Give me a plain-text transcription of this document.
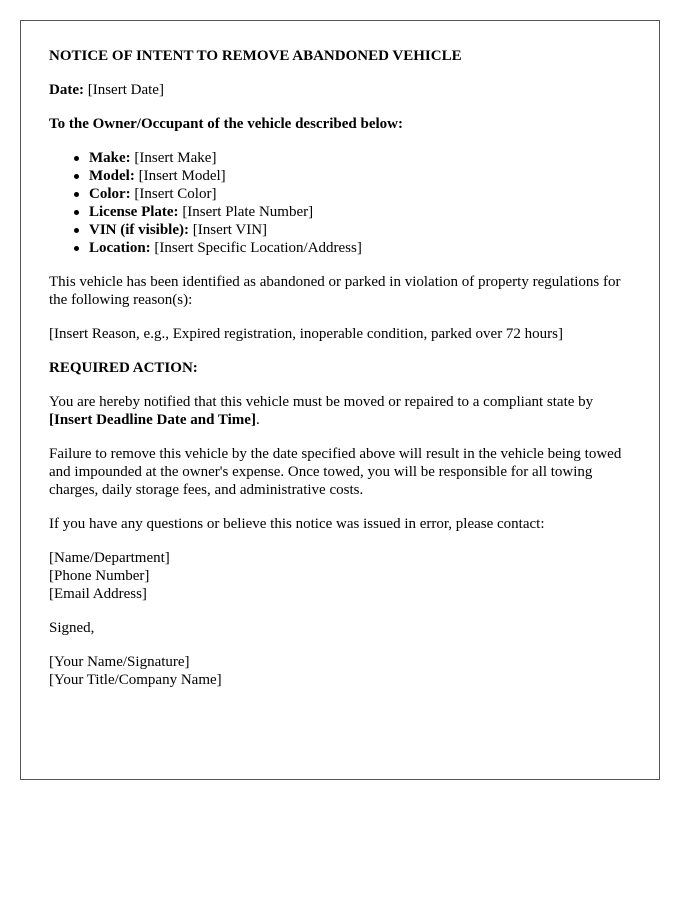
NOTICE OF INTENT TO REMOVE ABANDONED VEHICLE

Date: [Insert Date]

To the Owner/Occupant of the vehicle described below:

Make: [Insert Make]
Model: [Insert Model]
Color: [Insert Color]
License Plate: [Insert Plate Number]
VIN (if visible): [Insert VIN]
Location: [Insert Specific Location/Address]

This vehicle has been identified as abandoned or parked in violation of property regulations for the following reason(s):

[Insert Reason, e.g., Expired registration, inoperable condition, parked over 72 hours]

REQUIRED ACTION:

You are hereby notified that this vehicle must be moved or repaired to a compliant state by [Insert Deadline Date and Time].

Failure to remove this vehicle by the date specified above will result in the vehicle being towed and impounded at the owner's expense. Once towed, you will be responsible for all towing charges, daily storage fees, and administrative costs.

If you have any questions or believe this notice was issued in error, please contact:

[Name/Department]
[Phone Number]
[Email Address]

Signed,

[Your Name/Signature]
[Your Title/Company Name]
